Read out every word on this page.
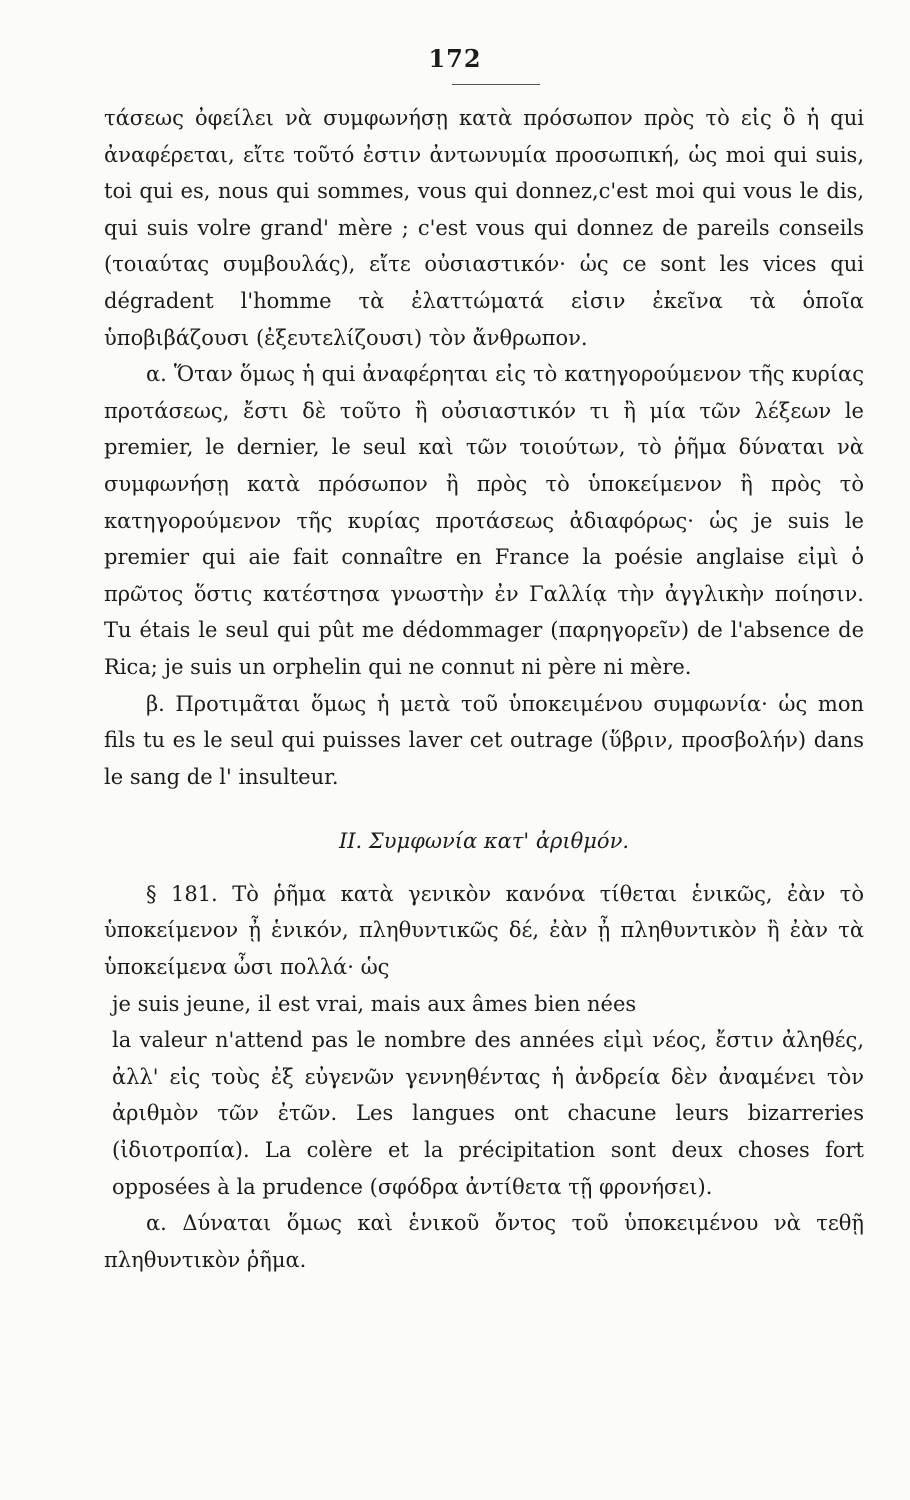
172

τάσεως ὀφείλει νὰ συμφωνήσῃ κατὰ πρόσωπον πρὸς τὸ εἰς ὃ ἡ qui ἀναφέρεται, εἴτε τοῦτό ἐστιν ἀντωνυμία προσωπική, ὡς moi qui suis, toi qui es, nous qui sommes, vous qui donnez,c'est moi qui vous le dis, qui suis volre grand' mère ; c'est vous qui donnez de pareils conseils (τοιαύτας συμβουλάς), εἴτε οὐσιαστικόν· ὡς ce sont les vices qui dégradent l'homme τὰ ἐλαττώματά εἰσιν ἐκεῖνα τὰ ὁποῖα ὑποβιβάζουσι (ἐξευτελίζουσι) τὸν ἄνθρωπον.

α. Ὅταν ὅμως ἡ qui ἀναφέρηται εἰς τὸ κατηγορούμενον τῆς κυρίας προτάσεως, ἔστι δὲ τοῦτο ἢ οὐσιαστικόν τι ἢ μία τῶν λέξεων le premier, le dernier, le seul καὶ τῶν τοιούτων, τὸ ῥῆμα δύναται νὰ συμφωνήσῃ κατὰ πρόσωπον ἢ πρὸς τὸ ὑποκείμενον ἢ πρὸς τὸ κατηγορούμενον τῆς κυρίας προτάσεως ἀδιαφόρως· ὡς je suis le premier qui aie fait connaître en France la poésie anglaise εἰμὶ ὁ πρῶτος ὅστις κατέστησα γνωστὴν ἐν Γαλλίᾳ τὴν ἀγγλικὴν ποίησιν. Tu étais le seul qui pût me dédommager (παρηγορεῖν) de l'absence de Rica; je suis un orphelin qui ne connut ni père ni mère.

β. Προτιμᾶται ὅμως ἡ μετὰ τοῦ ὑποκειμένου συμφωνία· ὡς mon fils tu es le seul qui puisses laver cet outrage (ὕβριν, προσβολήν) dans le sang de l' insulteur.

II. Συμφωνία κατ' ἀριθμόν.

§ 181. Τὸ ῥῆμα κατὰ γενικὸν κανόνα τίθεται ἑνικῶς, ἐὰν τὸ ὑποκείμενον ᾖ ἑνικόν, πληθυντικῶς δέ, ἐὰν ᾖ πληθυντικὸν ἢ ἐὰν τὰ ὑποκείμενα ὦσι πολλά· ὡς

je suis jeune, il est vrai, mais aux âmes bien nées

la valeur n'attend pas le nombre des années εἰμὶ νέος, ἔστιν ἀληθές, ἀλλ' εἰς τοὺς ἐξ εὐγενῶν γεννηθέντας ἡ ἀνδρεία δὲν ἀναμένει τὸν ἀριθμὸν τῶν ἐτῶν. Les langues ont chacune leurs bizarreries (ἰδιοτροπία). La colère et la précipitation sont deux choses fort opposées à la prudence (σφόδρα ἀντίθετα τῇ φρονήσει).

α. Δύναται ὅμως καὶ ἑνικοῦ ὄντος τοῦ ὑποκειμένου νὰ τεθῇ πληθυντικὸν ῥῆμα.
